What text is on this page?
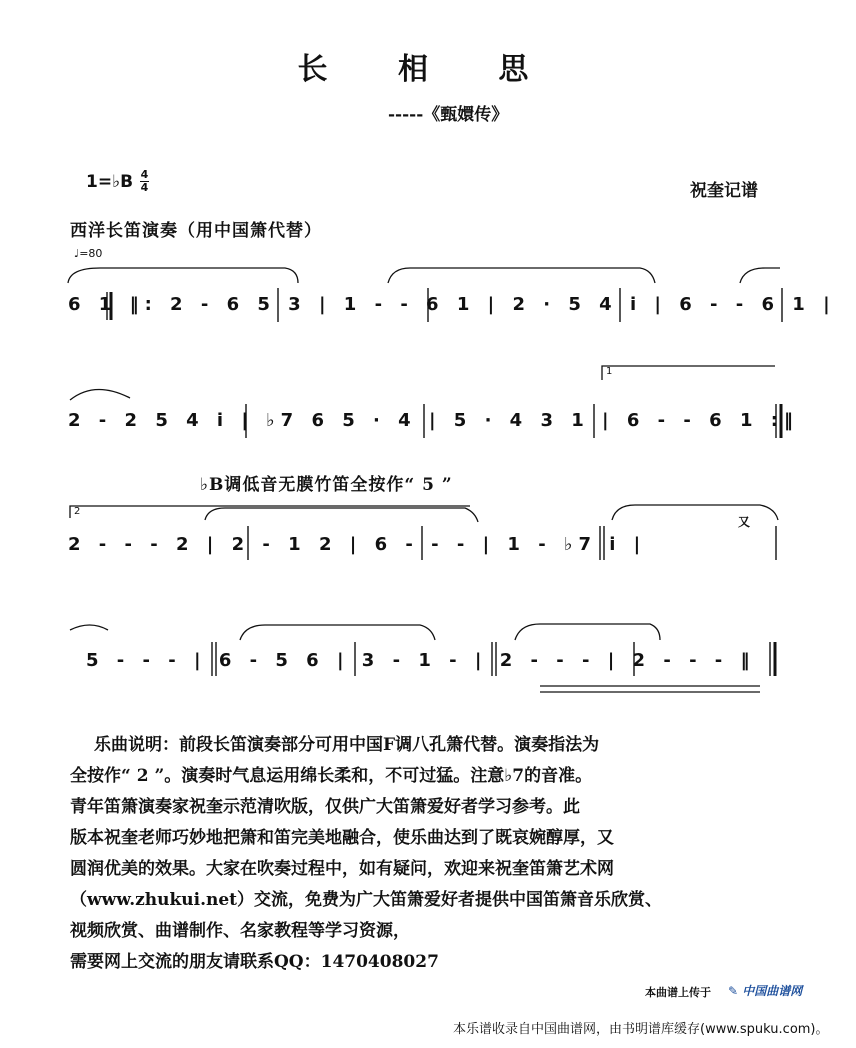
长 相 思
-----《甄嬛传》
1=♭B 4
4	祝奎记谱
西洋长笛演奏（用中国箫代替）
♩=80
6 1 ‖: 2 - 6 5 3 | 1 - - 6 1 | 2 · 5 4 i | 6 - - 6 1 |
2 - 2 5 4 i | ♭7 6 5 · 4 | 5 · 4 3 1 | 6 - - 6 1 :‖
1
♭B调低音无膜竹笛全按作“ 5 ”
2
2 - - - 2 | 2 - 1 2 | 6 - - - | 1 - ♭7 i |
又
5 - - - | 6 - 5 6 | 3 - 1 - | 2 - - - | 2 - - - ‖

乐曲说明：前段长笛演奏部分可用中国F调八孔箫代替。演奏指法为

全按作“ 2 ”。演奏时气息运用绵长柔和，不可过猛。注意♭7的音准。

青年笛箫演奏家祝奎示范清吹版，仅供广大笛箫爱好者学习参考。此

版本祝奎老师巧妙地把箫和笛完美地融合，使乐曲达到了既哀婉醇厚，又

圆润优美的效果。大家在吹奏过程中，如有疑问，欢迎来祝奎笛箫艺术网

（www.zhukui.net）交流，免费为广大笛箫爱好者提供中国笛箫音乐欣赏、

视频欣赏、曲谱制作、名家教程等学习资源，

需要网上交流的朋友请联系QQ：1470408027

本曲谱上传于 ✎ 中国曲谱网
本乐谱收录自中国曲谱网，由书明谱库缓存(www.spuku.com)。
